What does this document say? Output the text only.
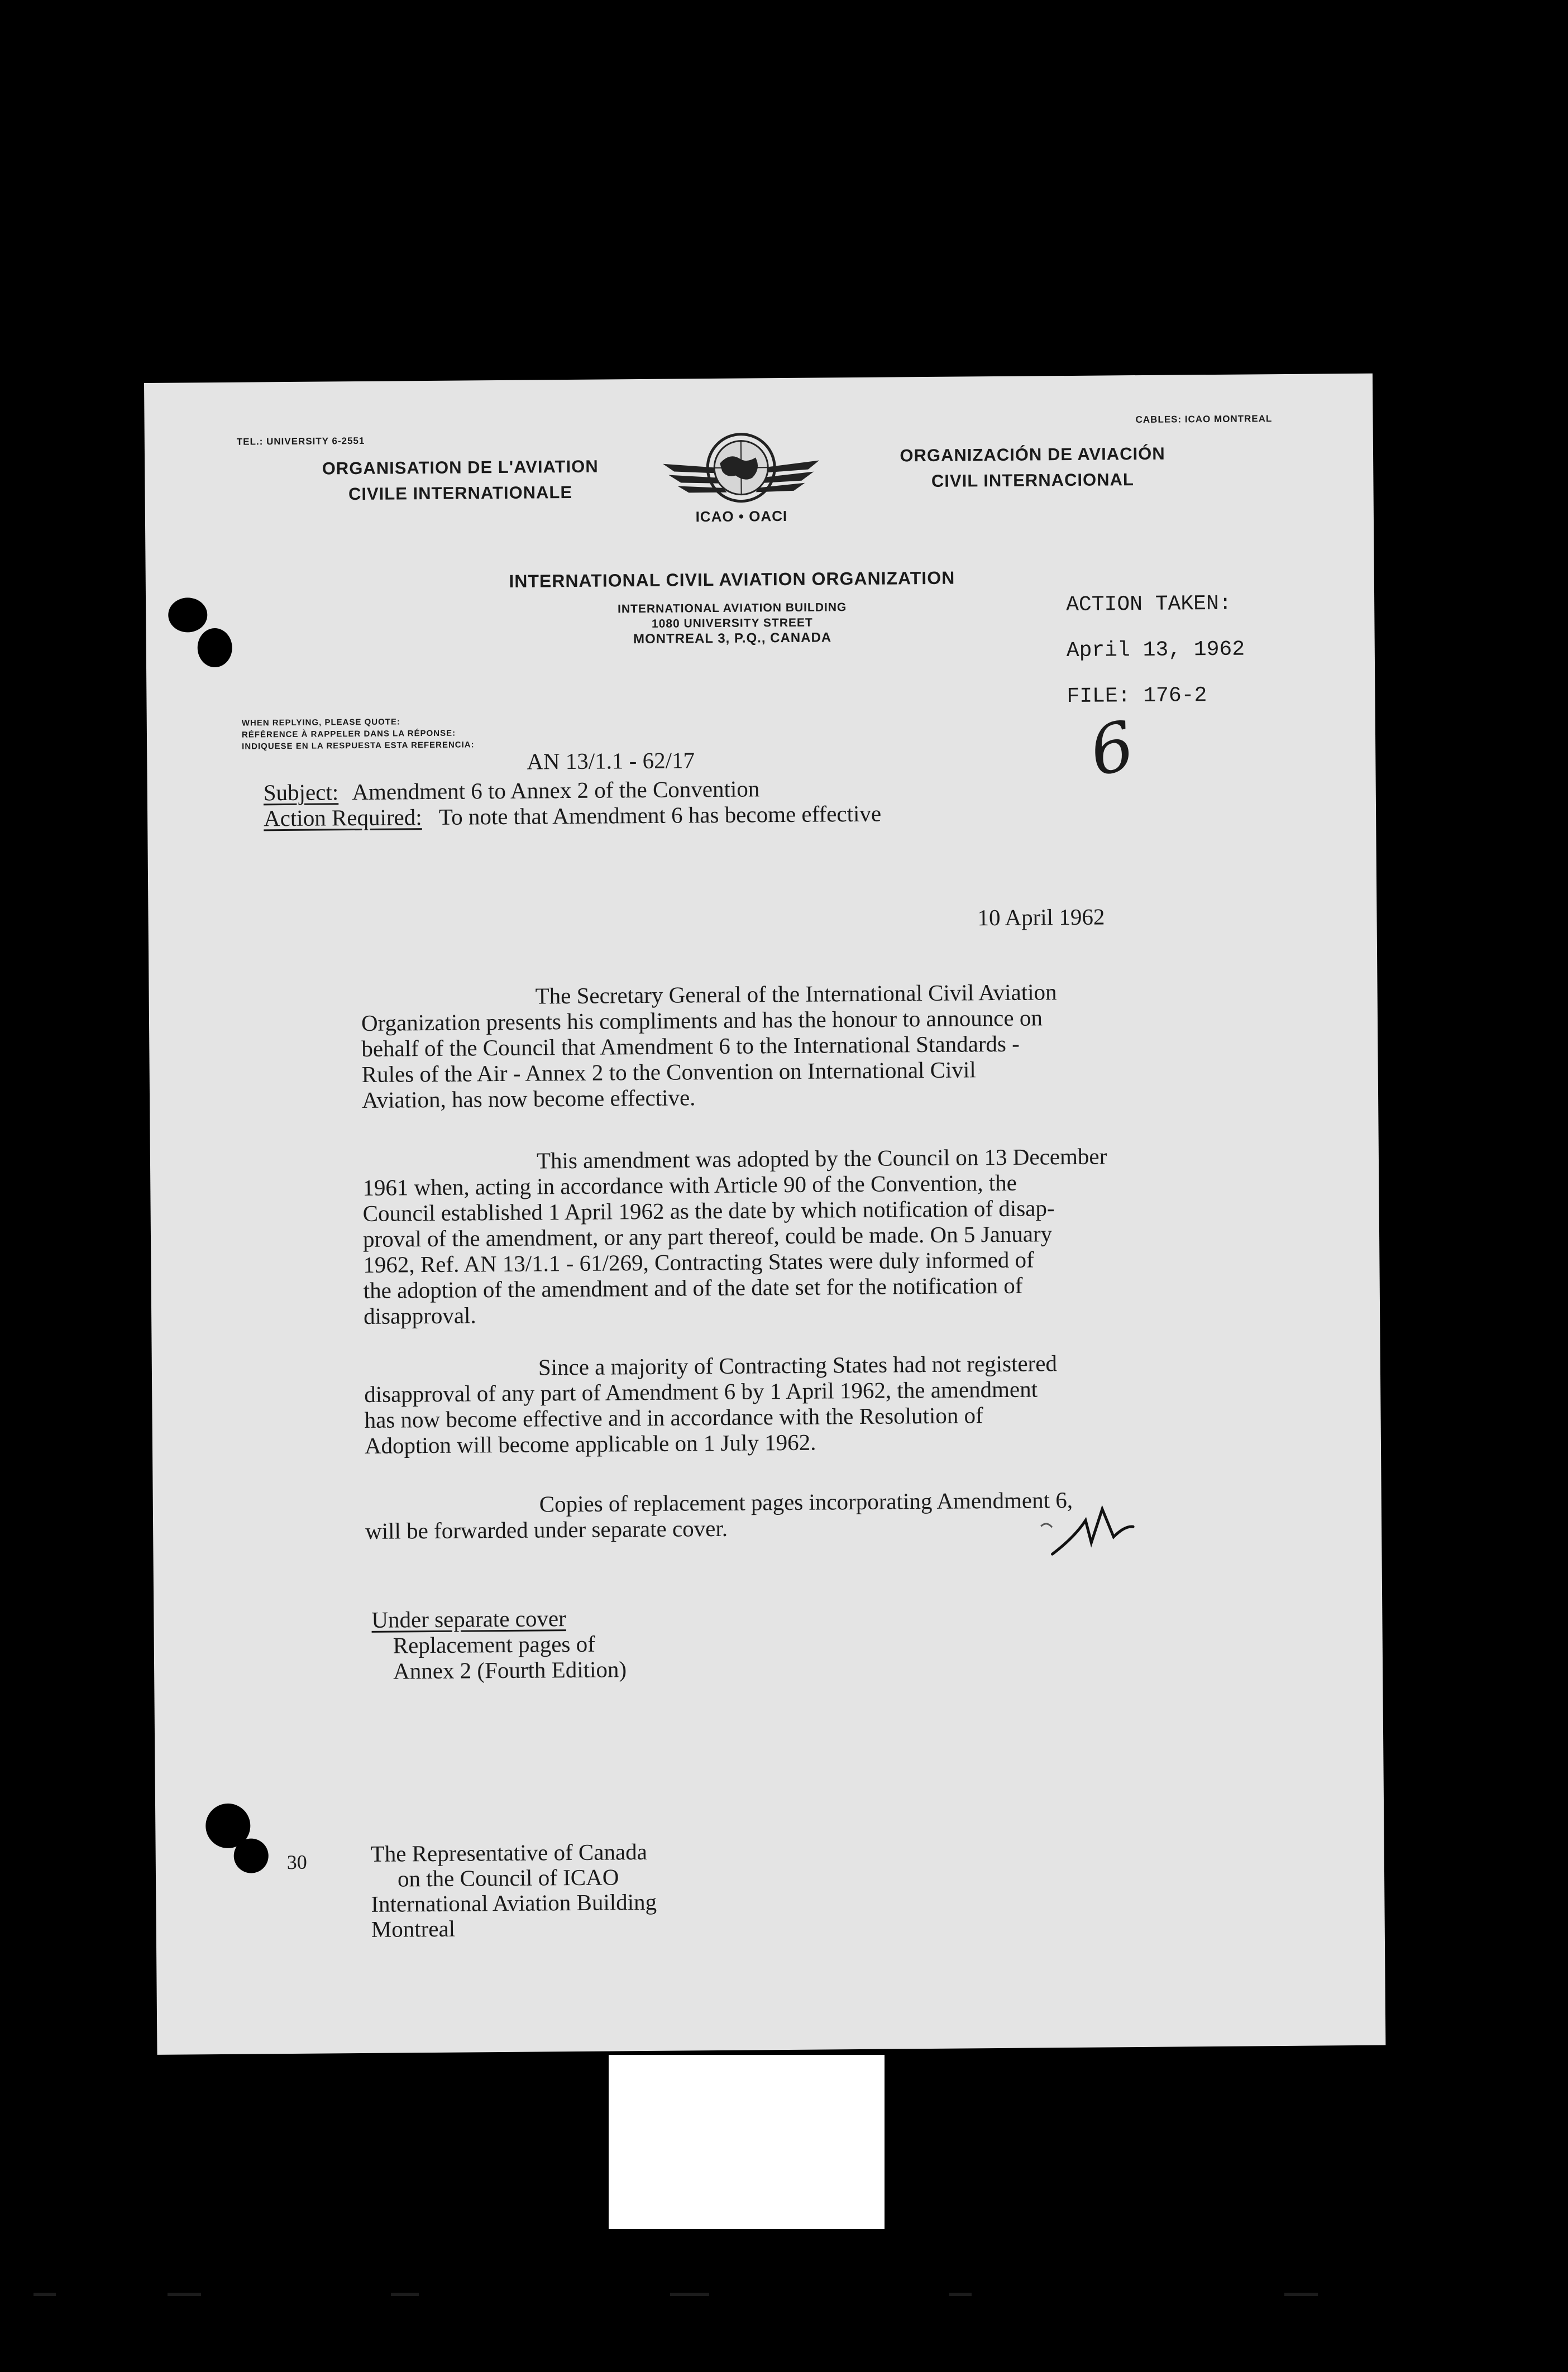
TEL.: UNIVERSITY 6-2551
CABLES: ICAO MONTREAL
ORGANISATION DE L'AVIATION
CIVILE INTERNATIONALE
ORGANIZACIÓN DE AVIACIÓN
CIVIL INTERNACIONAL
ICAO • OACI
INTERNATIONAL CIVIL AVIATION ORGANIZATION
INTERNATIONAL AVIATION BUILDING
1080 UNIVERSITY STREET
MONTREAL 3, P.Q., CANADA
ACTION TAKEN:
April 13, 1962
FILE: 176-2
6
WHEN REPLYING, PLEASE QUOTE:
RÉFÉRENCE À RAPPELER DANS LA RÉPONSE:
INDIQUESE EN LA RESPUESTA ESTA REFERENCIA:
AN 13/1.1 - 62/17
Subject: Amendment 6 to Annex 2 of the Convention
Action Required: To note that Amendment 6 has become effective
10 April 1962
The Secretary General of the International Civil Aviation
Organization presents his compliments and has the honour to announce on
behalf of the Council that Amendment 6 to the International Standards -
Rules of the Air - Annex 2 to the Convention on International Civil
Aviation, has now become effective.
This amendment was adopted by the Council on 13 December
1961 when, acting in accordance with Article 90 of the Convention, the
Council established 1 April 1962 as the date by which notification of disap-
proval of the amendment, or any part thereof, could be made. On 5 January
1962, Ref. AN 13/1.1 - 61/269, Contracting States were duly informed of
the adoption of the amendment and of the date set for the notification of
disapproval.
Since a majority of Contracting States had not registered
disapproval of any part of Amendment 6 by 1 April 1962, the amendment
has now become effective and in accordance with the Resolution of
Adoption will become applicable on 1 July 1962.
Copies of replacement pages incorporating Amendment 6,
will be forwarded under separate cover.
Under separate cover
Replacement pages of
Annex 2 (Fourth Edition)
30	The Representative of Canada
on the Council of ICAO
International Aviation Building
Montreal
